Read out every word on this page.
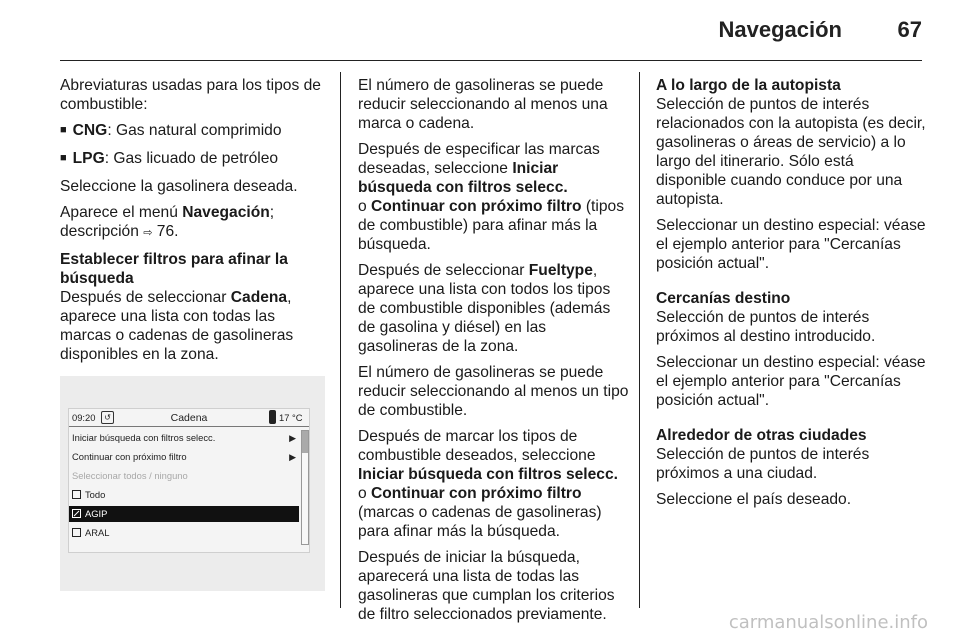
Navegación	67

Abreviaturas usadas para los tipos de combustible:

■ CNG: Gas natural comprimido

■ LPG: Gas licuado de petróleo

Seleccione la gasolinera deseada.

Aparece el menú Navegación; descripción ⇨ 76.

Establecer filtros para afinar la búsqueda

Después de seleccionar Cadena, aparece una lista con todas las marcas o cadenas de gasolineras disponibles en la zona.

09:20	↺	Cadena	17 °C
Iniciar búsqueda con filtros selecc.	▶
Continuar con próximo filtro	▶
Seleccionar todos / ninguno
Todo
AGIP
ARAL

El número de gasolineras se puede reducir seleccionando al menos una marca o cadena.

Después de especificar las marcas deseadas, seleccione Iniciar búsqueda con filtros selecc.

o Continuar con próximo filtro (tipos de combustible) para afinar más la búsqueda.

Después de seleccionar Fueltype, aparece una lista con todos los tipos de combustible disponibles (además de gasolina y diésel) en las gasolineras de la zona.

El número de gasolineras se puede reducir seleccionando al menos un tipo de combustible.

Después de marcar los tipos de combustible deseados, seleccione Iniciar búsqueda con filtros selecc.

o Continuar con próximo filtro (marcas o cadenas de gasolineras) para afinar más la búsqueda.

Después de iniciar la búsqueda, aparecerá una lista de todas las gasolineras que cumplan los criterios de filtro seleccionados previamente.

A lo largo de la autopista

Selección de puntos de interés relacionados con la autopista (es decir, gasolineras o áreas de servicio) a lo largo del itinerario. Sólo está disponible cuando conduce por una autopista.

Seleccionar un destino especial: véase el ejemplo anterior para "Cercanías posición actual".

Cercanías destino

Selección de puntos de interés próximos al destino introducido.

Seleccionar un destino especial: véase el ejemplo anterior para "Cercanías posición actual".

Alrededor de otras ciudades

Selección de puntos de interés próximos a una ciudad.

Seleccione el país deseado.

carmanualsonline.info
